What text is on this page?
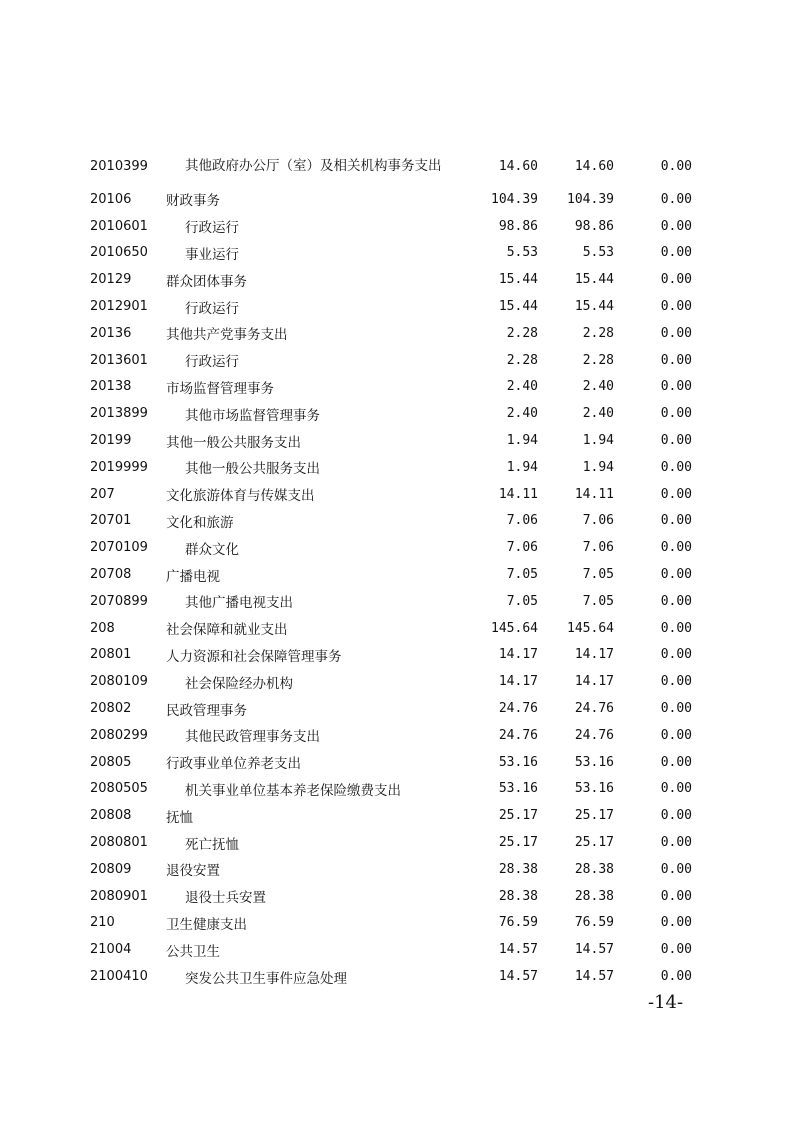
2010399	其他政府办公厅（室）及相关机构事务支出	14.60	14.60	0.00
20106	财政事务	104.39	104.39	0.00
2010601	行政运行	98.86	98.86	0.00
2010650	事业运行	5.53	5.53	0.00
20129	群众团体事务	15.44	15.44	0.00
2012901	行政运行	15.44	15.44	0.00
20136	其他共产党事务支出	2.28	2.28	0.00
2013601	行政运行	2.28	2.28	0.00
20138	市场监督管理事务	2.40	2.40	0.00
2013899	其他市场监督管理事务	2.40	2.40	0.00
20199	其他一般公共服务支出	1.94	1.94	0.00
2019999	其他一般公共服务支出	1.94	1.94	0.00
207	文化旅游体育与传媒支出	14.11	14.11	0.00
20701	文化和旅游	7.06	7.06	0.00
2070109	群众文化	7.06	7.06	0.00
20708	广播电视	7.05	7.05	0.00
2070899	其他广播电视支出	7.05	7.05	0.00
208	社会保障和就业支出	145.64	145.64	0.00
20801	人力资源和社会保障管理事务	14.17	14.17	0.00
2080109	社会保险经办机构	14.17	14.17	0.00
20802	民政管理事务	24.76	24.76	0.00
2080299	其他民政管理事务支出	24.76	24.76	0.00
20805	行政事业单位养老支出	53.16	53.16	0.00
2080505	机关事业单位基本养老保险缴费支出	53.16	53.16	0.00
20808	抚恤	25.17	25.17	0.00
2080801	死亡抚恤	25.17	25.17	0.00
20809	退役安置	28.38	28.38	0.00
2080901	退役士兵安置	28.38	28.38	0.00
210	卫生健康支出	76.59	76.59	0.00
21004	公共卫生	14.57	14.57	0.00
2100410	突发公共卫生事件应急处理	14.57	14.57	0.00
-14-
